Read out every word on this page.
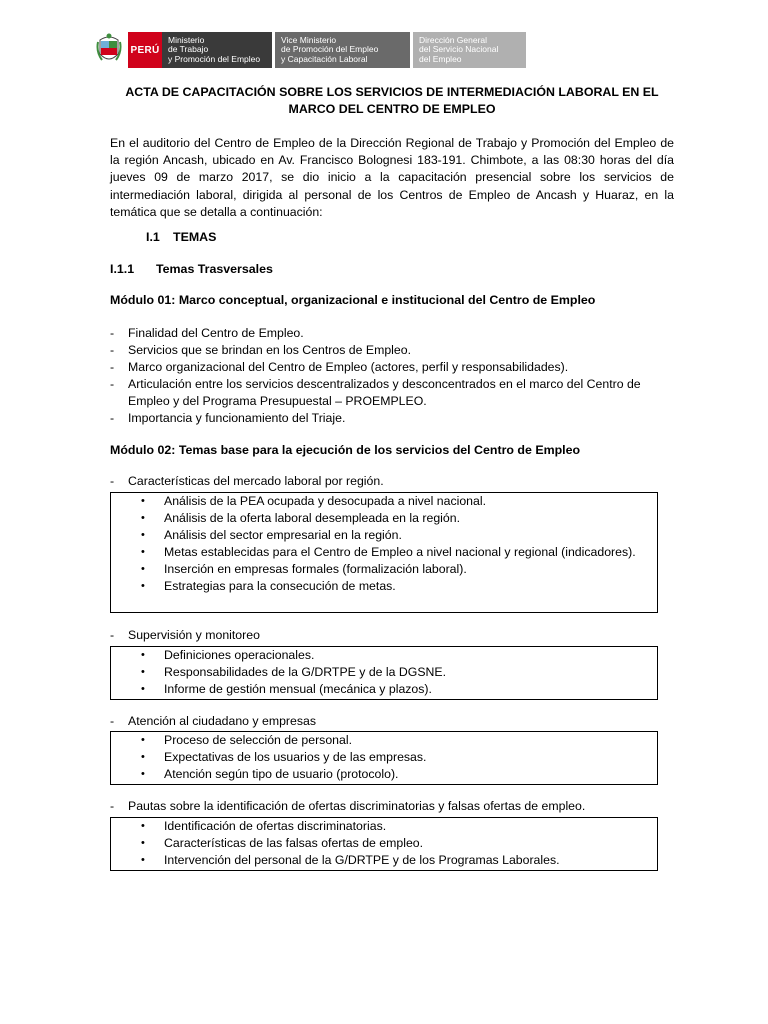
PERÚ
Ministerio
de Trabajo
y Promoción del Empleo
Vice Ministerio
de Promoción del Empleo
y Capacitación Laboral
Dirección General
del Servicio Nacional
del Empleo
ACTA DE CAPACITACIÓN SOBRE LOS SERVICIOS DE INTERMEDIACIÓN LABORAL EN EL MARCO DEL CENTRO DE EMPLEO
En el auditorio del Centro de Empleo de la Dirección Regional de Trabajo y Promoción del Empleo de la región Ancash, ubicado en Av. Francisco Bolognesi 183-191. Chimbote, a las 08:30 horas del día jueves 09 de marzo 2017, se dio inicio a la capacitación presencial sobre los servicios de intermediación laboral, dirigida al personal de los Centros de Empleo de Ancash y Huaraz, en la temática que se detalla a continuación:
I.1 TEMAS
I.1.1 Temas Trasversales
Módulo 01: Marco conceptual, organizacional e institucional del Centro de Empleo
- Finalidad del Centro de Empleo.
- Servicios que se brindan en los Centros de Empleo.
- Marco organizacional del Centro de Empleo (actores, perfil y responsabilidades).
- Articulación entre los servicios descentralizados y desconcentrados en el marco del Centro de Empleo y del Programa Presupuestal – PROEMPLEO.
- Importancia y funcionamiento del Triaje.
Módulo 02: Temas base para la ejecución de los servicios del Centro de Empleo
- Características del mercado laboral por región.
• Análisis de la PEA ocupada y desocupada a nivel nacional.
• Análisis de la oferta laboral desempleada en la región.
• Análisis del sector empresarial en la región.
• Metas establecidas para el Centro de Empleo a nivel nacional y regional (indicadores).
• Inserción en empresas formales (formalización laboral).
• Estrategias para la consecución de metas.
- Supervisión y monitoreo
• Definiciones operacionales.
• Responsabilidades de la G/DRTPE y de la DGSNE.
• Informe de gestión mensual (mecánica y plazos).
- Atención al ciudadano y empresas
• Proceso de selección de personal.
• Expectativas de los usuarios y de las empresas.
• Atención según tipo de usuario (protocolo).
- Pautas sobre la identificación de ofertas discriminatorias y falsas ofertas de empleo.
• Identificación de ofertas discriminatorias.
• Características de las falsas ofertas de empleo.
• Intervención del personal de la G/DRTPE y de los Programas Laborales.
